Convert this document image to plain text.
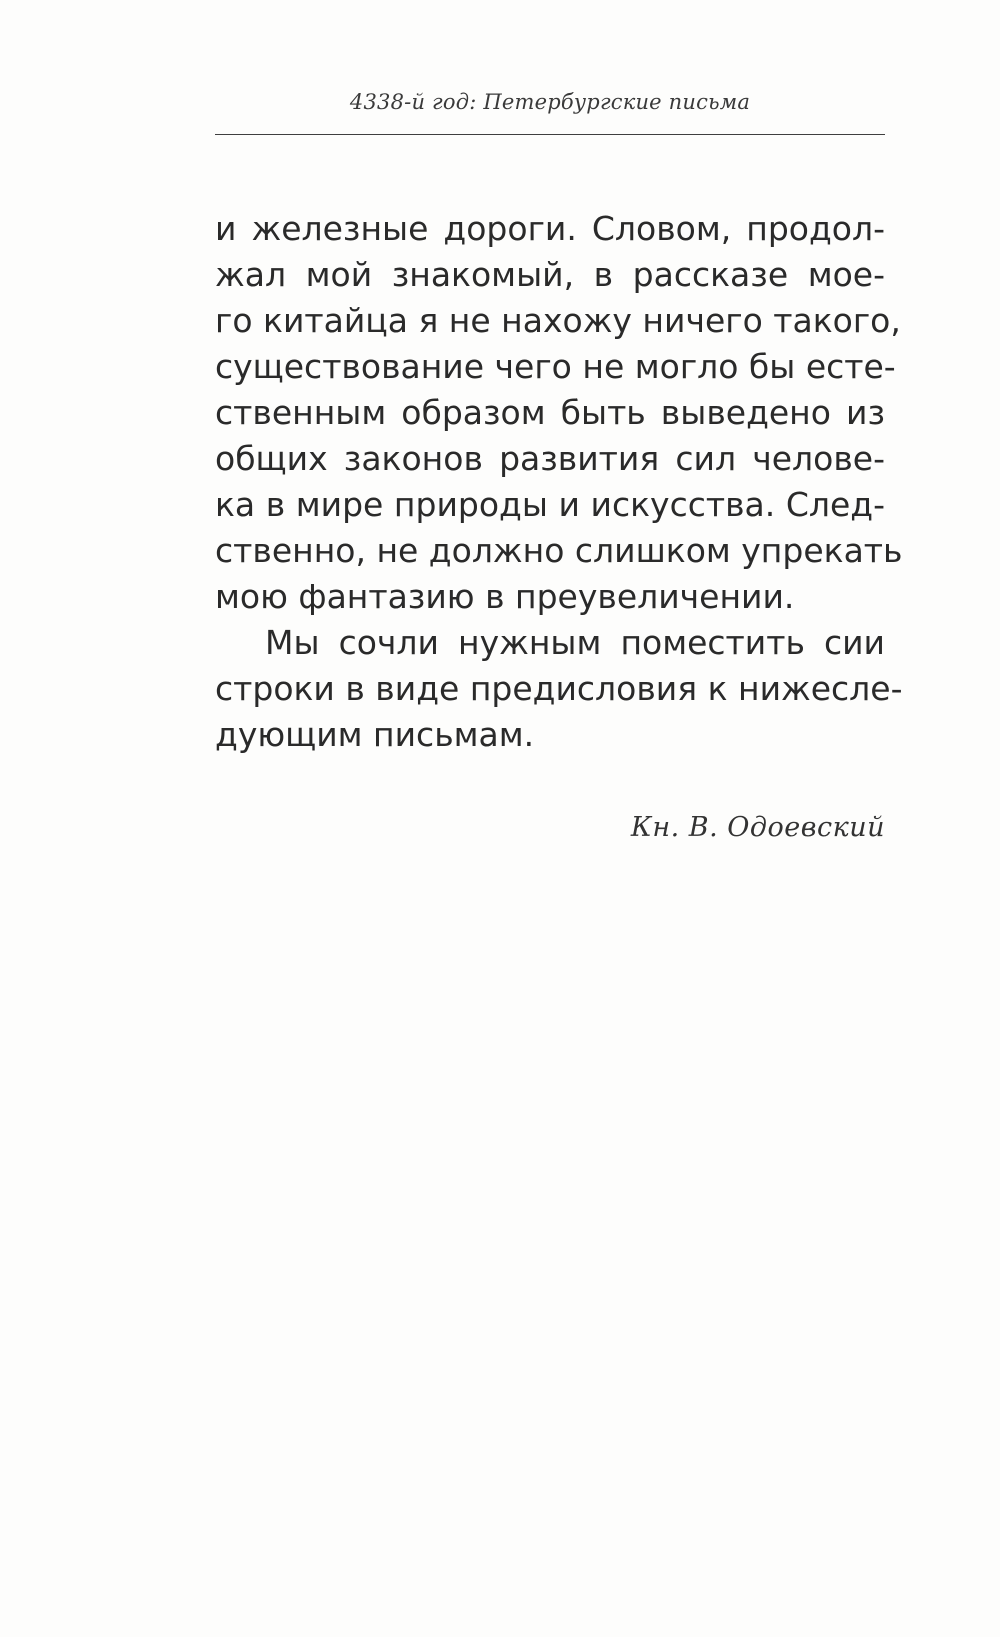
4338-й год: Петербургские письма
и железные дороги. Словом, продол-
жал мой знакомый, в рассказе мое-
го китайца я не нахожу ничего такого,
существование чего не могло бы есте-
ственным образом быть выведено из
общих законов развития сил челове-
ка в мире природы и искусства. След-
ственно, не должно слишком упрекать
мою фантазию в преувеличении.
Мы сочли нужным поместить сии
строки в виде предисловия к нижесле-
дующим письмам.
Кн. В. Одоевский
